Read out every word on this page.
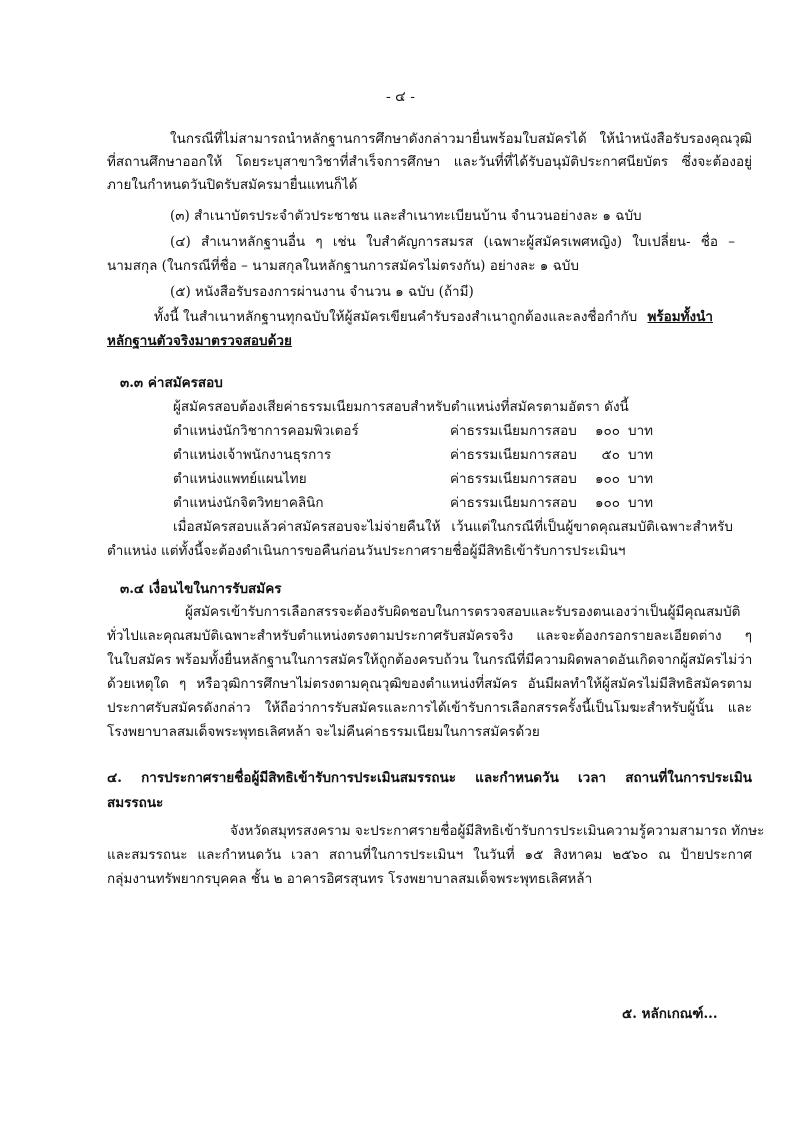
- ๔ -
ในกรณีที่ไม่สามารถนำหลักฐานการศึกษาดังกล่าวมายื่นพร้อมใบสมัครได้ ให้นำหนังสือรับรองคุณวุฒิ
ที่สถานศึกษาออกให้ โดยระบุสาขาวิชาที่สำเร็จการศึกษา และวันที่ที่ได้รับอนุมัติประกาศนียบัตร ซึ่งจะต้องอยู่
ภายในกำหนดวันปิดรับสมัครมายื่นแทนก็ได้
(๓) สำเนาบัตรประจำตัวประชาชน และสำเนาทะเบียนบ้าน จำนวนอย่างละ ๑ ฉบับ
(๔) สำเนาหลักฐานอื่น ๆ เช่น ใบสำคัญการสมรส (เฉพาะผู้สมัครเพศหญิง) ใบเปลี่ยน- ชื่อ –
นามสกุล (ในกรณีที่ชื่อ – นามสกุลในหลักฐานการสมัครไม่ตรงกัน) อย่างละ ๑ ฉบับ
(๕) หนังสือรับรองการผ่านงาน จำนวน ๑ ฉบับ (ถ้ามี)
ทั้งนี้ ในสำเนาหลักฐานทุกฉบับให้ผู้สมัครเขียนคำรับรองสำเนาถูกต้องและลงชื่อกำกับ พร้อมทั้งนำ
หลักฐานตัวจริงมาตรวจสอบด้วย
๓.๓ ค่าสมัครสอบ
ผู้สมัครสอบต้องเสียค่าธรรมเนียมการสอบสำหรับตำแหน่งที่สมัครตามอัตรา ดังนี้
ตำแหน่งนักวิชาการคอมพิวเตอร์	ค่าธรรมเนียมการสอบ	๑๐๐ บาท
ตำแหน่งเจ้าพนักงานธุรการ	ค่าธรรมเนียมการสอบ	๕๐ บาท
ตำแหน่งแพทย์แผนไทย	ค่าธรรมเนียมการสอบ	๑๐๐ บาท
ตำแหน่งนักจิตวิทยาคลินิก	ค่าธรรมเนียมการสอบ	๑๐๐ บาท
เมื่อสมัครสอบแล้วค่าสมัครสอบจะไม่จ่ายคืนให้ เว้นแต่ในกรณีที่เป็นผู้ขาดคุณสมบัติเฉพาะสำหรับ
ตำแหน่ง แต่ทั้งนี้จะต้องดำเนินการขอคืนก่อนวันประกาศรายชื่อผู้มีสิทธิเข้ารับการประเมินฯ
๓.๔ เงื่อนไขในการรับสมัคร
ผู้สมัครเข้ารับการเลือกสรรจะต้องรับผิดชอบในการตรวจสอบและรับรองตนเองว่าเป็นผู้มีคุณสมบัติ
ทั่วไปและคุณสมบัติเฉพาะสำหรับตำแหน่งตรงตามประกาศรับสมัครจริง และจะต้องกรอกรายละเอียดต่าง ๆ
ในใบสมัคร พร้อมทั้งยื่นหลักฐานในการสมัครให้ถูกต้องครบถ้วน ในกรณีที่มีความผิดพลาดอันเกิดจากผู้สมัครไม่ว่า
ด้วยเหตุใด ๆ หรือวุฒิการศึกษาไม่ตรงตามคุณวุฒิของตำแหน่งที่สมัคร อันมีผลทำให้ผู้สมัครไม่มีสิทธิสมัครตาม
ประกาศรับสมัครดังกล่าว ให้ถือว่าการรับสมัครและการได้เข้ารับการเลือกสรรครั้งนี้เป็นโมฆะสำหรับผู้นั้น และ
โรงพยาบาลสมเด็จพระพุทธเลิศหล้า จะไม่คืนค่าธรรมเนียมในการสมัครด้วย
๔. การประกาศรายชื่อผู้มีสิทธิเข้ารับการประเมินสมรรถนะ และกำหนดวัน เวลา สถานที่ในการประเมิน
สมรรถนะ
จังหวัดสมุทรสงคราม จะประกาศรายชื่อผู้มีสิทธิเข้ารับการประเมินความรู้ความสามารถ ทักษะ
และสมรรถนะ และกำหนดวัน เวลา สถานที่ในการประเมินฯ ในวันที่ ๑๕ สิงหาคม ๒๕๖๐ ณ ป้ายประกาศ
กลุ่มงานทรัพยากรบุคคล ชั้น ๒ อาคารอิศรสุนทร โรงพยาบาลสมเด็จพระพุทธเลิศหล้า
๕. หลักเกณฑ์...
